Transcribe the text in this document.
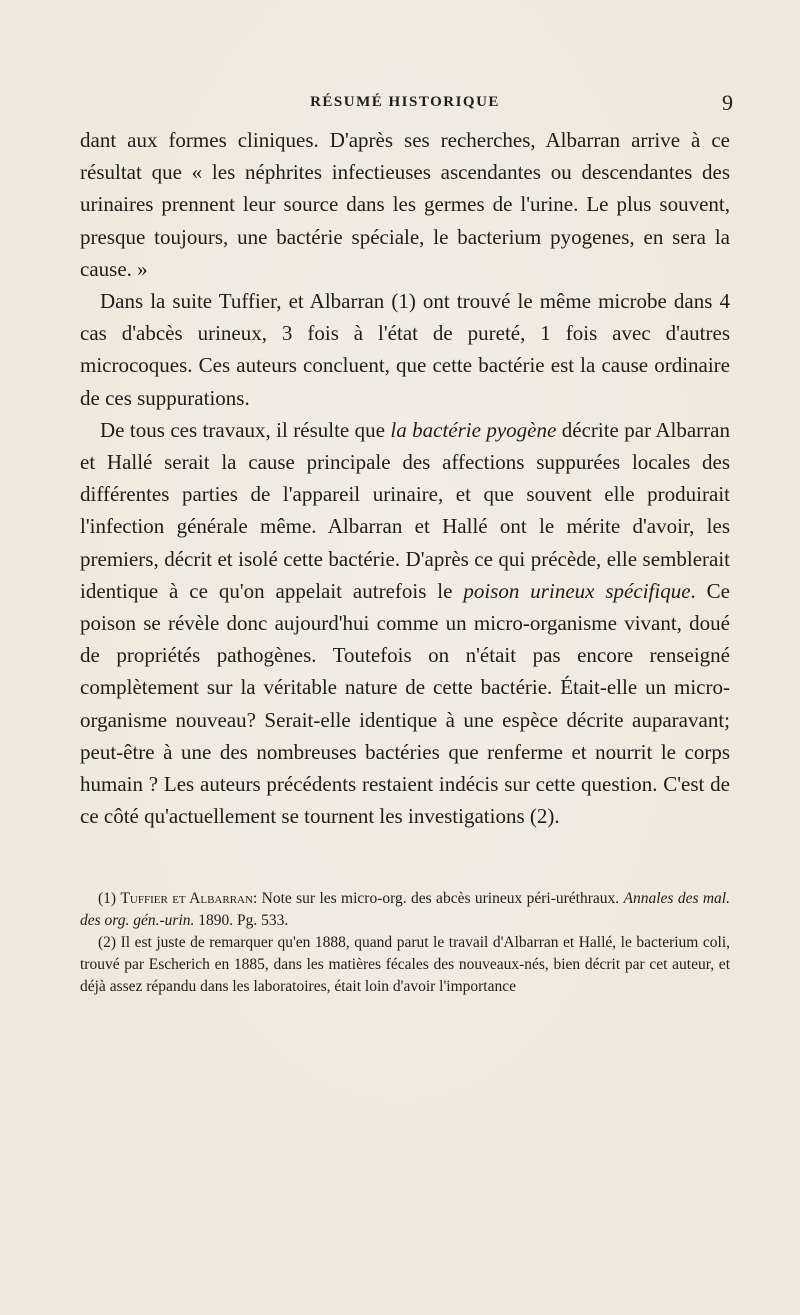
RÉSUMÉ HISTORIQUE	9

dant aux formes cliniques. D'après ses recherches, Albarran arrive à ce résultat que « les néphrites infectieuses ascendantes ou descendantes des urinaires prennent leur source dans les germes de l'urine. Le plus souvent, presque toujours, une bactérie spéciale, le bacterium pyogenes, en sera la cause. »

Dans la suite Tuffier, et Albarran (1) ont trouvé le même microbe dans 4 cas d'abcès urineux, 3 fois à l'état de pureté, 1 fois avec d'autres microcoques. Ces auteurs concluent, que cette bactérie est la cause ordinaire de ces suppurations.

De tous ces travaux, il résulte que la bactérie pyogène décrite par Albarran et Hallé serait la cause principale des affections suppurées locales des différentes parties de l'appareil urinaire, et que souvent elle produirait l'infection générale même. Albarran et Hallé ont le mérite d'avoir, les premiers, décrit et isolé cette bactérie. D'après ce qui précède, elle semblerait identique à ce qu'on appelait autrefois le poison urineux spécifique. Ce poison se révèle donc aujourd'hui comme un micro-organisme vivant, doué de propriétés pathogènes. Toutefois on n'était pas encore renseigné complètement sur la véritable nature de cette bactérie. Était-elle un micro-organisme nouveau? Serait-elle identique à une espèce décrite auparavant; peut-être à une des nombreuses bactéries que renferme et nourrit le corps humain ? Les auteurs précédents restaient indécis sur cette question. C'est de ce côté qu'actuellement se tournent les investigations (2).

(1) Tuffier et Albarran: Note sur les micro-org. des abcès urineux péri-uréthraux. Annales des mal. des org. gén.-urin. 1890. Pg. 533.

(2) Il est juste de remarquer qu'en 1888, quand parut le travail d'Albarran et Hallé, le bacterium coli, trouvé par Escherich en 1885, dans les matières fécales des nouveaux-nés, bien décrit par cet auteur, et déjà assez répandu dans les laboratoires, était loin d'avoir l'importance
